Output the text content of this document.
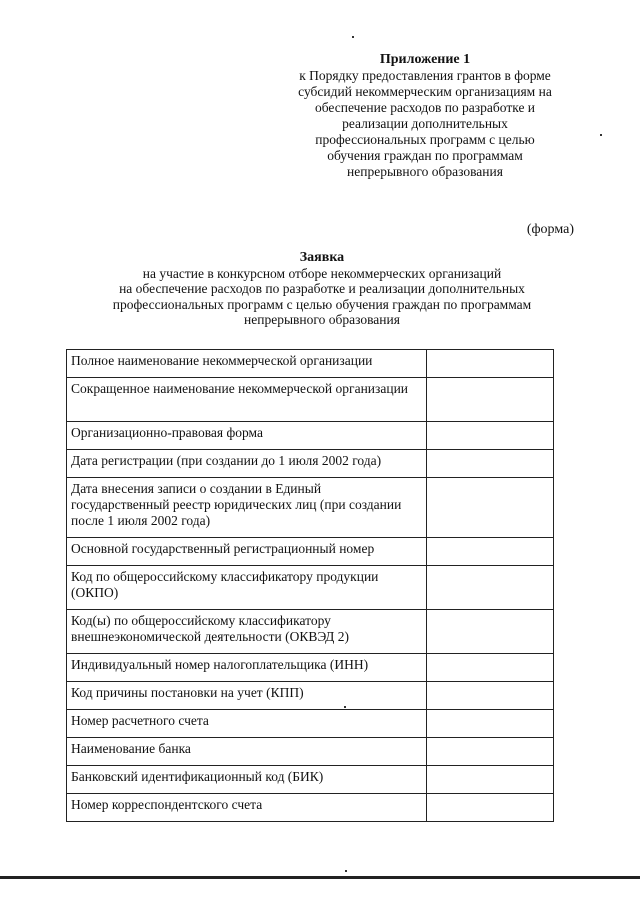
Приложение 1
к Порядку предоставления грантов в форме
субсидий некоммерческим организациям на
обеспечение расходов по разработке и
реализации дополнительных
профессиональных программ с целью
обучения граждан по программам
непрерывного образования
(форма)
Заявка
на участие в конкурсном отборе некоммерческих организаций
на обеспечение расходов по разработке и реализации дополнительных
профессиональных программ с целью обучения граждан по программам
непрерывного образования
Полное наименование некоммерческой организации	
Сокращенное наименование некоммерческой организации	
Организационно-правовая форма	
Дата регистрации (при создании до 1 июля 2002 года)	
Дата внесения записи о создании в Единый государственный реестр юридических лиц (при создании после 1 июля 2002 года)	
Основной государственный регистрационный номер	
Код по общероссийскому классификатору продукции (ОКПО)	
Код(ы) по общероссийскому классификатору внешнеэкономической деятельности (ОКВЭД 2)	
Индивидуальный номер налогоплательщика (ИНН)	
Код причины постановки на учет (КПП)	
Номер расчетного счета	
Наименование банка	
Банковский идентификационный код (БИК)	
Номер корреспондентского счета	
